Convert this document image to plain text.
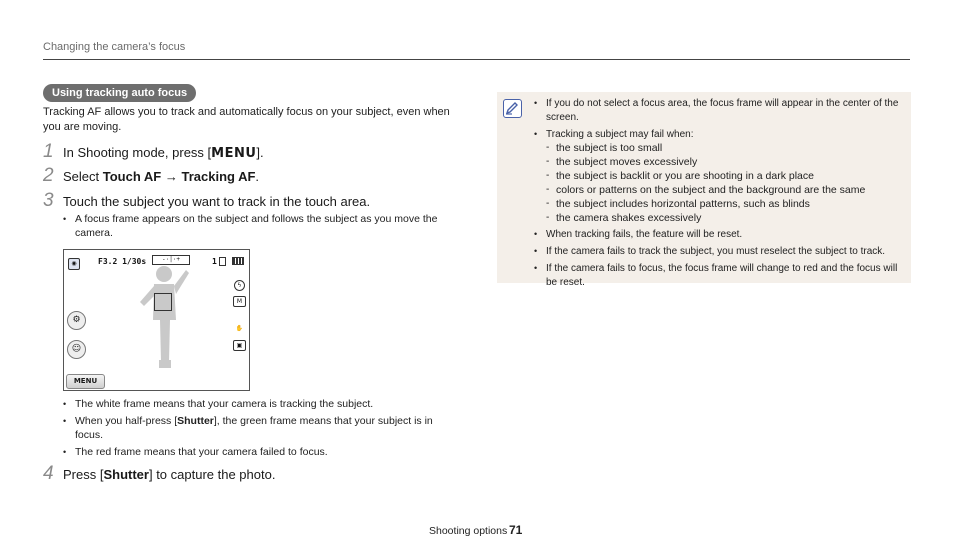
Changing the camera’s focus
Using tracking auto focus

Tracking AF allows you to track and automatically focus on your subject, even when you are moving.

1 In Shooting mode, press [MENU].
2 Select Touch AF → Tracking AF.
3 Touch the subject you want to track in the touch area.
• A focus frame appears on the subject and follows the subject as you move the camera.
◉	F3.2 1/30s	-·|·+	1
ϟ
M
✋
▣
⚙
☺
MENU
• The white frame means that your camera is tracking the subject.
• When you half-press [Shutter], the green frame means that your subject is in focus.
• The red frame means that your camera failed to focus.
4 Press [Shutter] to capture the photo.
• If you do not select a focus area, the focus frame will appear in the center of the screen.
• Tracking a subject may fail when:
- the subject is too small
- the subject moves excessively
- the subject is backlit or you are shooting in a dark place
- colors or patterns on the subject and the background are the same
- the subject includes horizontal patterns, such as blinds
- the camera shakes excessively
• When tracking fails, the feature will be reset.
• If the camera fails to track the subject, you must reselect the subject to track.
• If the camera fails to focus, the focus frame will change to red and the focus will be reset.
Shooting options 71
